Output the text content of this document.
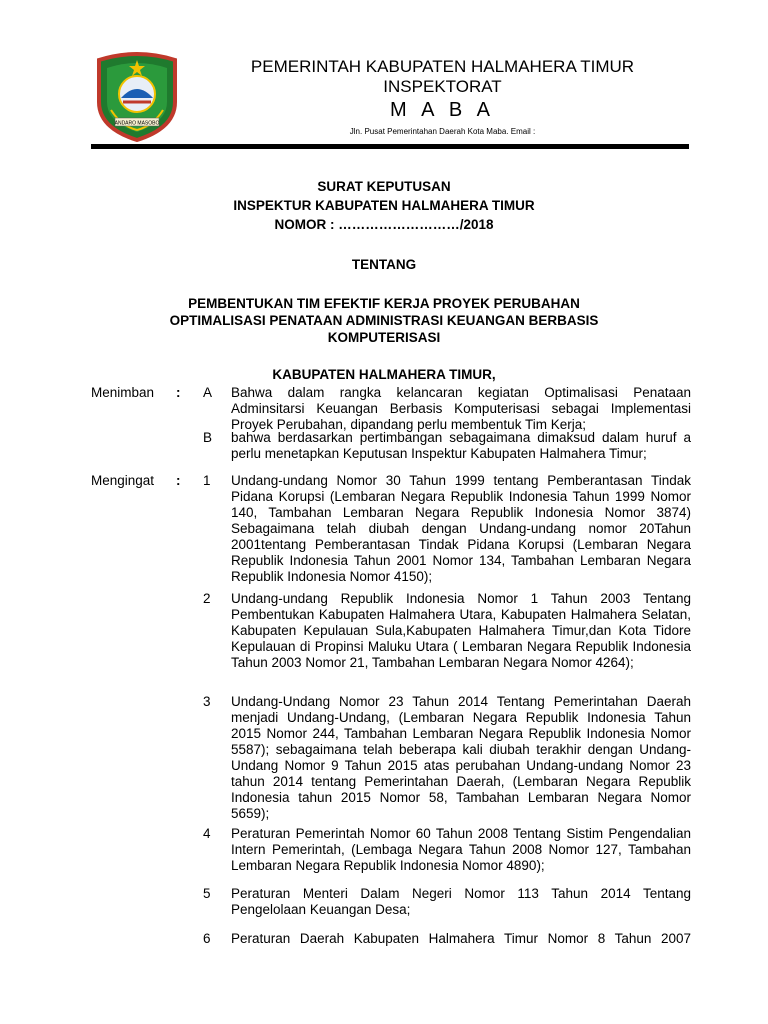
ANDARO MASOBO
PEMERINTAH KABUPATEN HALMAHERA TIMUR
INSPEKTORAT
M A B A
Jln. Pusat Pemerintahan Daerah Kota Maba. Email :
SURAT KEPUTUSAN
INSPEKTUR KABUPATEN HALMAHERA TIMUR
NOMOR : ………………………/2018
TENTANG
PEMBENTUKAN TIM EFEKTIF KERJA PROYEK PERUBAHAN
OPTIMALISASI PENATAAN ADMINISTRASI KEUANGAN BERBASIS
KOMPUTERISASI
KABUPATEN HALMAHERA TIMUR,
Menimban : A Bahwa dalam rangka kelancaran kegiatan Optimalisasi Penataan Adminsitarsi Keuangan Berbasis Komputerisasi sebagai Implementasi Proyek Perubahan, dipandang perlu membentuk Tim Kerja;
B bahwa berdasarkan pertimbangan sebagaimana dimaksud dalam huruf a perlu menetapkan Keputusan Inspektur Kabupaten Halmahera Timur;
Mengingat : 1 Undang-undang Nomor 30 Tahun 1999 tentang Pemberantasan Tindak Pidana Korupsi (Lembaran Negara Republik Indonesia Tahun 1999 Nomor 140, Tambahan Lembaran Negara Republik Indonesia Nomor 3874) Sebagaimana telah diubah dengan Undang-undang nomor 20Tahun 2001tentang Pemberantasan Tindak Pidana Korupsi (Lembaran Negara Republik Indonesia Tahun 2001 Nomor 134, Tambahan Lembaran Negara Republik Indonesia Nomor 4150);
2 Undang-undang Republik Indonesia Nomor 1 Tahun 2003 Tentang Pembentukan Kabupaten Halmahera Utara, Kabupaten Halmahera Selatan, Kabupaten Kepulauan Sula,Kabupaten Halmahera Timur,dan Kota Tidore Kepulauan di Propinsi Maluku Utara ( Lembaran Negara Republik Indonesia Tahun 2003 Nomor 21, Tambahan Lembaran Negara Nomor 4264);
3 Undang-Undang Nomor 23 Tahun 2014 Tentang Pemerintahan Daerah menjadi Undang-Undang, (Lembaran Negara Republik Indonesia Tahun 2015 Nomor 244, Tambahan Lembaran Negara Republik Indonesia Nomor 5587); sebagaimana telah beberapa kali diubah terakhir dengan Undang-Undang Nomor 9 Tahun 2015 atas perubahan Undang-undang Nomor 23 tahun 2014 tentang Pemerintahan Daerah, (Lembaran Negara Republik Indonesia tahun 2015 Nomor 58, Tambahan Lembaran Negara Nomor 5659);
4 Peraturan Pemerintah Nomor 60 Tahun 2008 Tentang Sistim Pengendalian Intern Pemerintah, (Lembaga Negara Tahun 2008 Nomor 127, Tambahan Lembaran Negara Republik Indonesia Nomor 4890);
5 Peraturan Menteri Dalam Negeri Nomor 113 Tahun 2014 Tentang Pengelolaan Keuangan Desa;
6 Peraturan Daerah Kabupaten Halmahera Timur Nomor 8 Tahun 2007
